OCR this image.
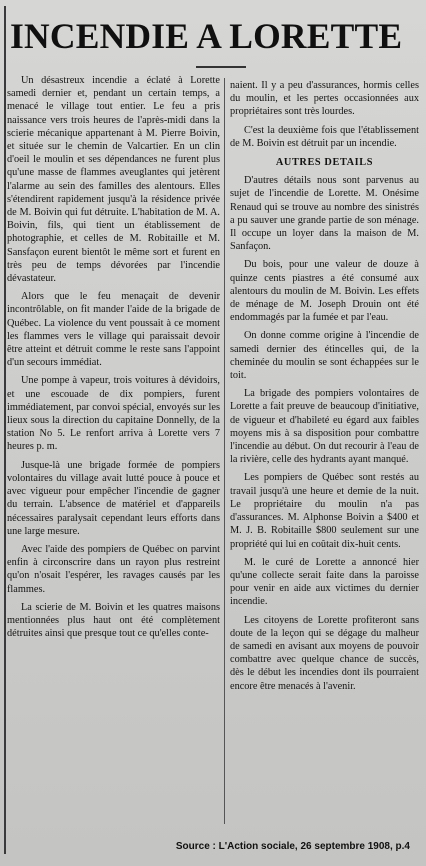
INCENDIE A LORETTE

Un désastreux incendie a éclaté à Lorette samedi dernier et, pendant un certain temps, a menacé le village tout entier. Le feu a pris naissance vers trois heures de l'après-midi dans la scierie mécanique appartenant à M. Pierre Boivin, et située sur le chemin de Valcartier. En un clin d'oeil le moulin et ses dépendances ne furent plus qu'une masse de flammes aveuglantes qui jetèrent l'alarme au sein des familles des alentours. Elles s'étendirent rapidement jusqu'à la résidence privée de M. Boivin qui fut détruite. L'habitation de M. A. Boivin, fils, qui tient un établissement de photographie, et celles de M. Robitaille et M. Sansfaçon eurent bientôt le même sort et furent en très peu de temps dévorées par l'incendie dévastateur.

Alors que le feu menaçait de devenir incontrôlable, on fit mander l'aide de la brigade de Québec. La violence du vent poussait à ce moment les flammes vers le village qui paraissait devoir être atteint et détruit comme le reste sans l'appoint d'un secours immédiat.

Une pompe à vapeur, trois voitures à dévidoirs, et une escouade de dix pompiers, furent immédiatement, par convoi spécial, envoyés sur les lieux sous la direction du capitaine Donnelly, de la station No 5. Le renfort arriva à Lorette vers 7 heures p. m.

Jusque-là une brigade formée de pompiers volontaires du village avait lutté pouce à pouce et avec vigueur pour empêcher l'incendie de gagner du terrain. L'absence de matériel et d'appareils nécessaires paralysait cependant leurs efforts dans une large mesure.

Avec l'aide des pompiers de Québec on parvint enfin à circonscrire dans un rayon plus restreint qu'on n'osait l'espérer, les ravages causés par les flammes.

La scierie de M. Boivin et les quatres maisons mentionnées plus haut ont été complètement détruites ainsi que presque tout ce qu'elles conte-

naient. Il y a peu d'assurances, hormis celles du moulin, et les pertes occasionnées aux propriétaires sont très lourdes.

C'est la deuxième fois que l'établissement de M. Boivin est détruit par un incendie.

AUTRES DETAILS

D'autres détails nous sont parvenus au sujet de l'incendie de Lorette. M. Onésime Renaud qui se trouve au nombre des sinistrés a pu sauver une grande partie de son ménage. Il occupe un loyer dans la maison de M. Sanfaçon.

Du bois, pour une valeur de douze à quinze cents piastres a été consumé aux alentours du moulin de M. Boivin. Les effets de ménage de M. Joseph Drouin ont été endommagés par la fumée et par l'eau.

On donne comme origine à l'incendie de samedi dernier des étincelles qui, de la cheminée du moulin se sont échappées sur le toit.

La brigade des pompiers volontaires de Lorette a fait preuve de beaucoup d'initiative, de vigueur et d'habileté eu égard aux faibles moyens mis à sa disposition pour combattre l'incendie au début. On dut recourir à l'eau de la rivière, celle des hydrants ayant manqué.

Les pompiers de Québec sont restés au travail jusqu'à une heure et demie de la nuit. Le propriétaire du moulin n'a pas d'assurances. M. Alphonse Boivin a $400 et M. J. B. Robitaille $800 seulement sur une propriété qui lui en coûtait dix-huit cents.

M. le curé de Lorette a annoncé hier qu'une collecte serait faite dans la paroisse pour venir en aide aux victimes du dernier incendie.

Les citoyens de Lorette profiteront sans doute de la leçon qui se dégage du malheur de samedi en avisant aux moyens de pouvoir combattre avec quelque chance de succès, dès le début les incendies dont ils pourraient encore être menacés à l'avenir.

Source : L'Action sociale, 26 septembre 1908, p.4
